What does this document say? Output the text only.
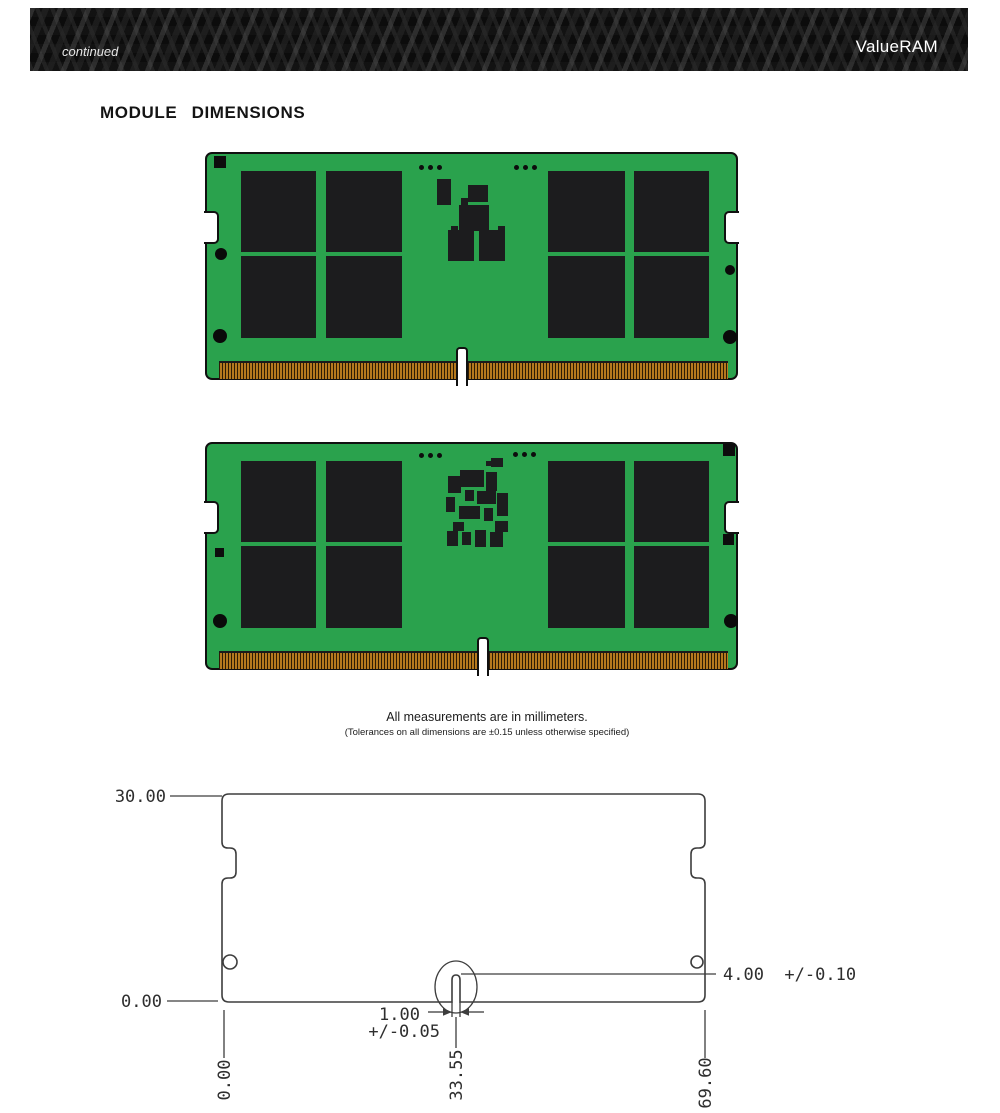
continued	ValueRAM
MODULE DIMENSIONS
All measurements are in millimeters.
(Tolerances on all dimensions are ±0.15 unless otherwise specified)
30.00
0.00
4.00  +/-0.10
1.00
+/-0.05
0.00	33.55	69.60
